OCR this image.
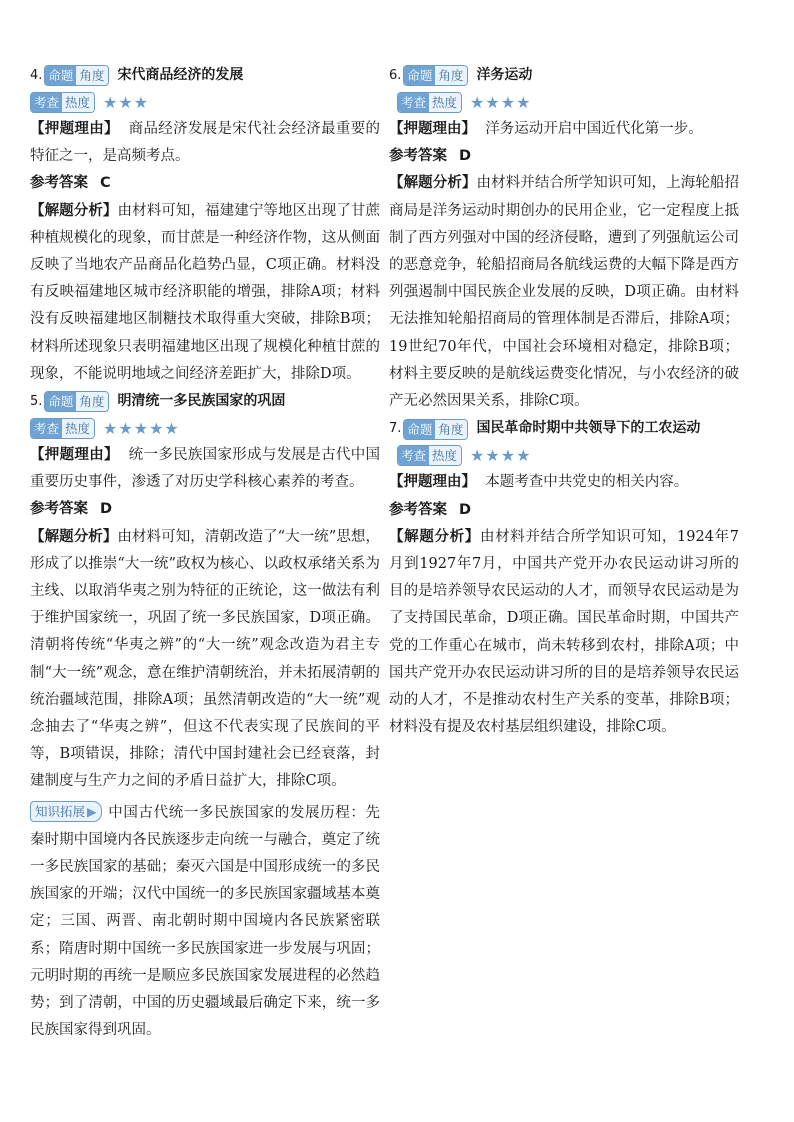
4. 命题 角度 宋代商品经济的发展
考查 热度 ★★★

【押题理由】 商品经济发展是宋代社会经济最重要的特征之一，是高频考点。

参考答案 C

【解题分析】由材料可知，福建建宁等地区出现了甘蔗种植规模化的现象，而甘蔗是一种经济作物，这从侧面反映了当地农产品商品化趋势凸显，C项正确。材料没有反映福建地区城市经济职能的增强，排除A项；材料没有反映福建地区制糖技术取得重大突破，排除B项；材料所述现象只表明福建地区出现了规模化种植甘蔗的现象，不能说明地域之间经济差距扩大，排除D项。

5. 命题 角度 明清统一多民族国家的巩固
考查 热度 ★★★★★

【押题理由】 统一多民族国家形成与发展是古代中国重要历史事件，渗透了对历史学科核心素养的考查。

参考答案 D

【解题分析】由材料可知，清朝改造了“大一统”思想，形成了以推崇“大一统”政权为核心、以政权承绪关系为主线、以取消华夷之别为特征的正统论，这一做法有利于维护国家统一，巩固了统一多民族国家，D项正确。清朝将传统“华夷之辨”的“大一统”观念改造为君主专制“大一统”观念，意在维护清朝统治，并未拓展清朝的统治疆域范围，排除A项；虽然清朝改造的“大一统”观念抽去了“华夷之辨”，但这不代表实现了民族间的平等，B项错误，排除；清代中国封建社会已经衰落，封建制度与生产力之间的矛盾日益扩大，排除C项。

知识拓展 ▶ 中国古代统一多民族国家的发展历程：先秦时期中国境内各民族逐步走向统一与融合，奠定了统一多民族国家的基础；秦灭六国是中国形成统一的多民族国家的开端；汉代中国统一的多民族国家疆域基本奠定；三国、两晋、南北朝时期中国境内各民族紧密联系；隋唐时期中国统一多民族国家进一步发展与巩固；元明时期的再统一是顺应多民族国家发展进程的必然趋势；到了清朝，中国的历史疆域最后确定下来，统一多民族国家得到巩固。

6. 命题 角度 洋务运动
考查 热度 ★★★★

【押题理由】 洋务运动开启中国近代化第一步。

参考答案 D

【解题分析】由材料并结合所学知识可知，上海轮船招商局是洋务运动时期创办的民用企业，它一定程度上抵制了西方列强对中国的经济侵略，遭到了列强航运公司的恶意竞争，轮船招商局各航线运费的大幅下降是西方列强遏制中国民族企业发展的反映，D项正确。由材料无法推知轮船招商局的管理体制是否滞后，排除A项；19世纪70年代，中国社会环境相对稳定，排除B项；材料主要反映的是航线运费变化情况，与小农经济的破产无必然因果关系，排除C项。

7. 命题 角度 国民革命时期中共领导下的工农运动
考查 热度 ★★★★

【押题理由】 本题考查中共党史的相关内容。

参考答案 D

【解题分析】由材料并结合所学知识可知，1924年7月到1927年7月，中国共产党开办农民运动讲习所的目的是培养领导农民运动的人才，而领导农民运动是为了支持国民革命，D项正确。国民革命时期，中国共产党的工作重心在城市，尚未转移到农村，排除A项；中国共产党开办农民运动讲习所的目的是培养领导农民运动的人才，不是推动农村生产关系的变革，排除B项；材料没有提及农村基层组织建设，排除C项。
